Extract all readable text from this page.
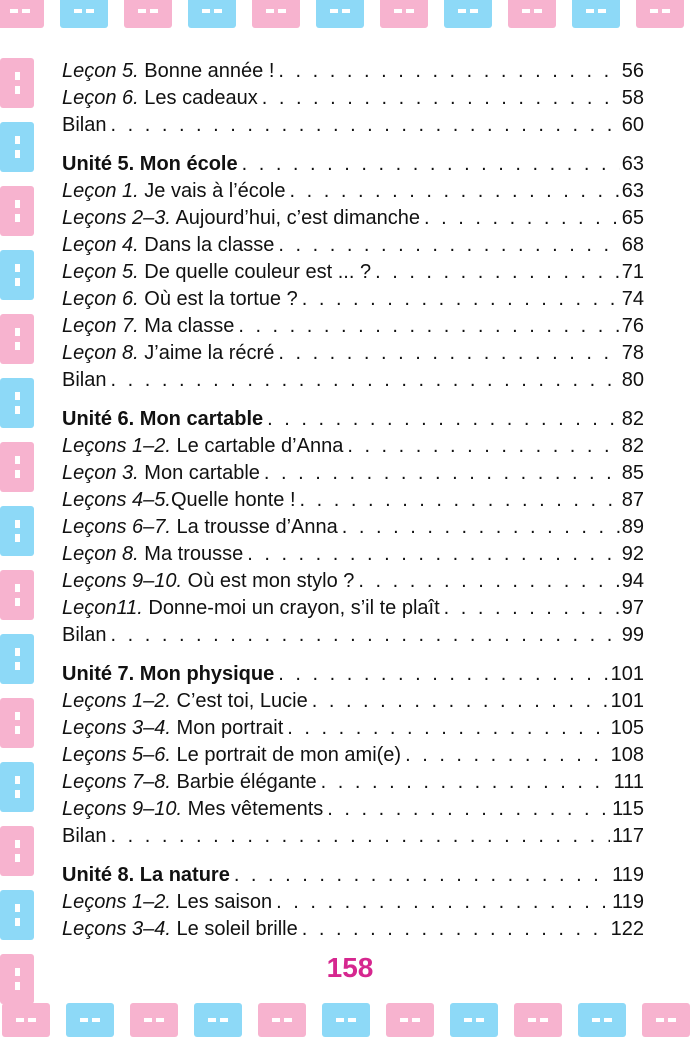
Leçon 5. Bonne année ! . . .	56
Leçon 6. Les cadeaux . . .	58
Bilan . . .	60
Unité 5. Mon école . . .	63
Leçon 1. Je vais à l’école . . .	63
Leçons 2–3. Aujourd’hui, c’est dimanche . . .	65
Leçon 4. Dans la classe . . .	68
Leçon 5. De quelle couleur est ... ? . . .	71
Leçon 6. Où est la tortue ? . . .	74
Leçon 7. Ma classe . . .	76
Leçon 8. J’aime la récré . . .	78
Bilan . . .	80
Unité 6. Mon cartable . . .	82
Leçons 1–2. Le cartable d’Anna . . .	82
Leçon 3. Mon cartable . . .	85
Leçons 4–5.Quelle honte ! . . .	87
Leçons 6–7. La trousse d’Anna . . .	89
Leçon 8. Ma trousse . . .	92
Leçons 9–10. Où est mon stylo ? . . .	94
Leçon11. Donne-moi un crayon, s’il te plaît . . .	97
Bilan . . .	99
Unité 7. Mon physique . . .	101
Leçons 1–2. C’est toi, Lucie . . .	101
Leçons 3–4. Mon portrait . . .	105
Leçons 5–6. Le portrait de mon ami(e) . . .	108
Leçons 7–8. Barbie élégante . . .	111
Leçons 9–10. Mes vêtements . . .	115
Bilan . . .	117
Unité 8. La nature . . .	119
Leçons 1–2. Les saison . . .	119
Leçons 3–4. Le soleil brille . . .	122
158
